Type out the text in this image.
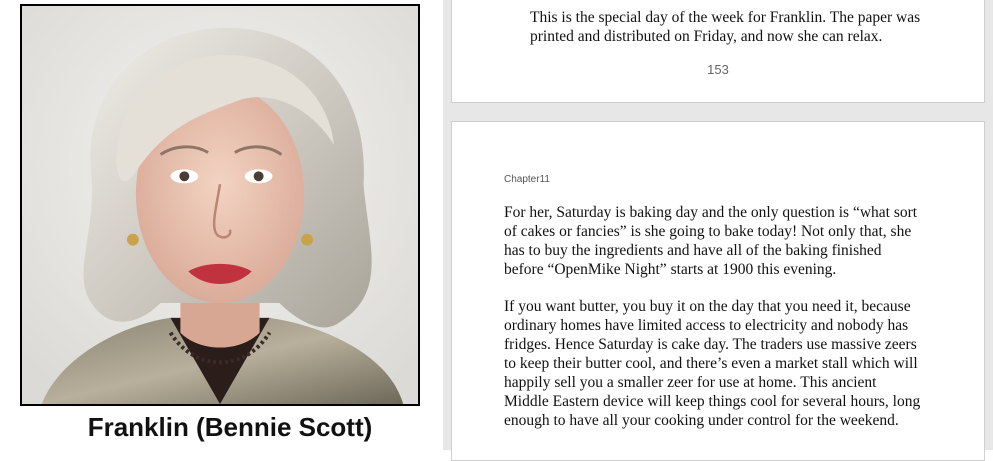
Franklin (Bennie Scott)
This is the special day of the week for Franklin. The paper was printed and distributed on Friday, and now she can relax.
153
Chapter11

For her, Saturday is baking day and the only question is “what sort of cakes or fancies” is she going to bake today! Not only that, she has to buy the ingredients and have all of the baking finished before “OpenMike Night” starts at 1900 this evening.

If you want butter, you buy it on the day that you need it, because ordinary homes have limited access to electricity and nobody has fridges. Hence Saturday is cake day. The traders use massive zeers to keep their butter cool, and there’s even a market stall which will happily sell you a smaller zeer for use at home. This ancient Middle Eastern device will keep things cool for several hours, long enough to have all your cooking under control for the weekend.
